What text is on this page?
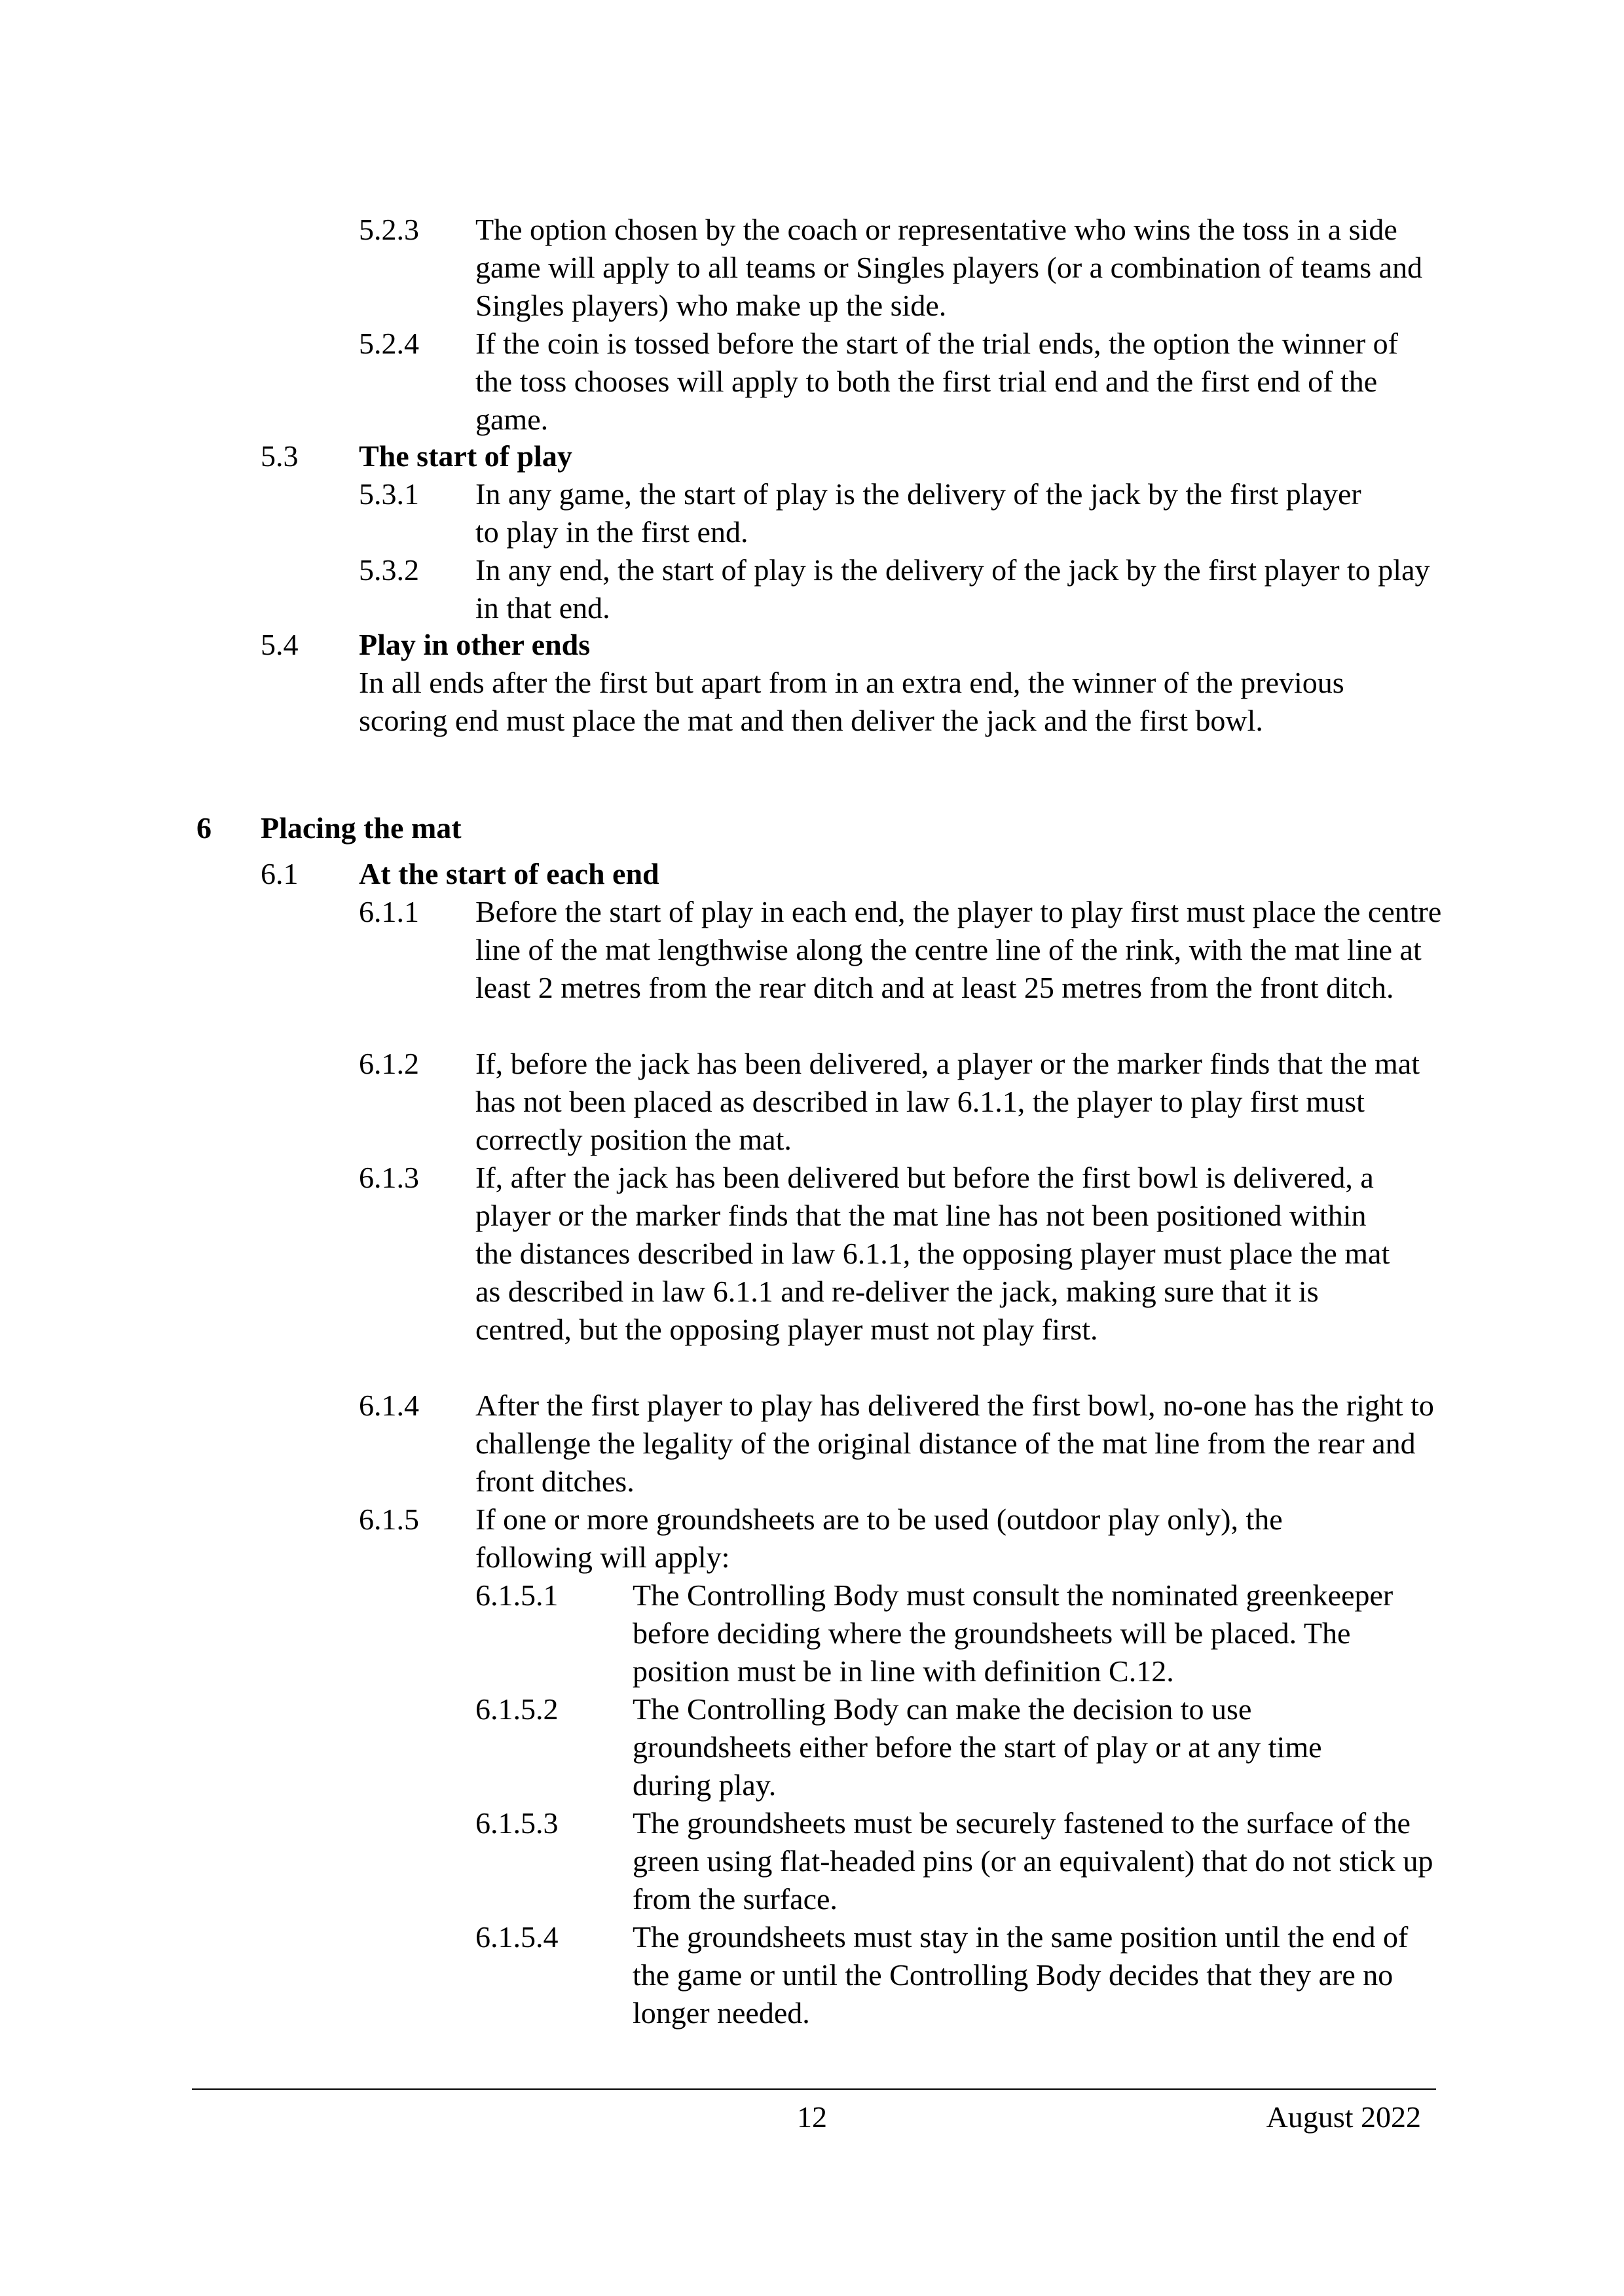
5.2.3 The option chosen by the coach or representative who wins the toss in a side game will apply to all teams or Singles players (or a combination of teams and Singles players) who make up the side.
5.2.4 If the coin is tossed before the start of the trial ends, the option the winner of the toss chooses will apply to both the first trial end and the first end of the game.
5.3 The start of play
5.3.1 In any game, the start of play is the delivery of the jack by the first player to play in the first end.
5.3.2 In any end, the start of play is the delivery of the jack by the first player to play in that end.
5.4 Play in other ends
In all ends after the first but apart from in an extra end, the winner of the previous scoring end must place the mat and then deliver the jack and the first bowl.
6 Placing the mat
6.1 At the start of each end
6.1.1 Before the start of play in each end, the player to play first must place the centre line of the mat lengthwise along the centre line of the rink, with the mat line at least 2 metres from the rear ditch and at least 25 metres from the front ditch.
6.1.2 If, before the jack has been delivered, a player or the marker finds that the mat has not been placed as described in law 6.1.1, the player to play first must correctly position the mat.
6.1.3 If, after the jack has been delivered but before the first bowl is delivered, a player or the marker finds that the mat line has not been positioned within the distances described in law 6.1.1, the opposing player must place the mat as described in law 6.1.1 and re-deliver the jack, making sure that it is centred, but the opposing player must not play first.
6.1.4 After the first player to play has delivered the first bowl, no-one has the right to challenge the legality of the original distance of the mat line from the rear and front ditches.
6.1.5 If one or more groundsheets are to be used (outdoor play only), the following will apply:
6.1.5.1 The Controlling Body must consult the nominated greenkeeper before deciding where the groundsheets will be placed. The position must be in line with definition C.12.
6.1.5.2 The Controlling Body can make the decision to use groundsheets either before the start of play or at any time during play.
6.1.5.3 The groundsheets must be securely fastened to the surface of the green using flat-headed pins (or an equivalent) that do not stick up from the surface.
6.1.5.4 The groundsheets must stay in the same position until the end of the game or until the Controlling Body decides that they are no longer needed.
12	August 2022
